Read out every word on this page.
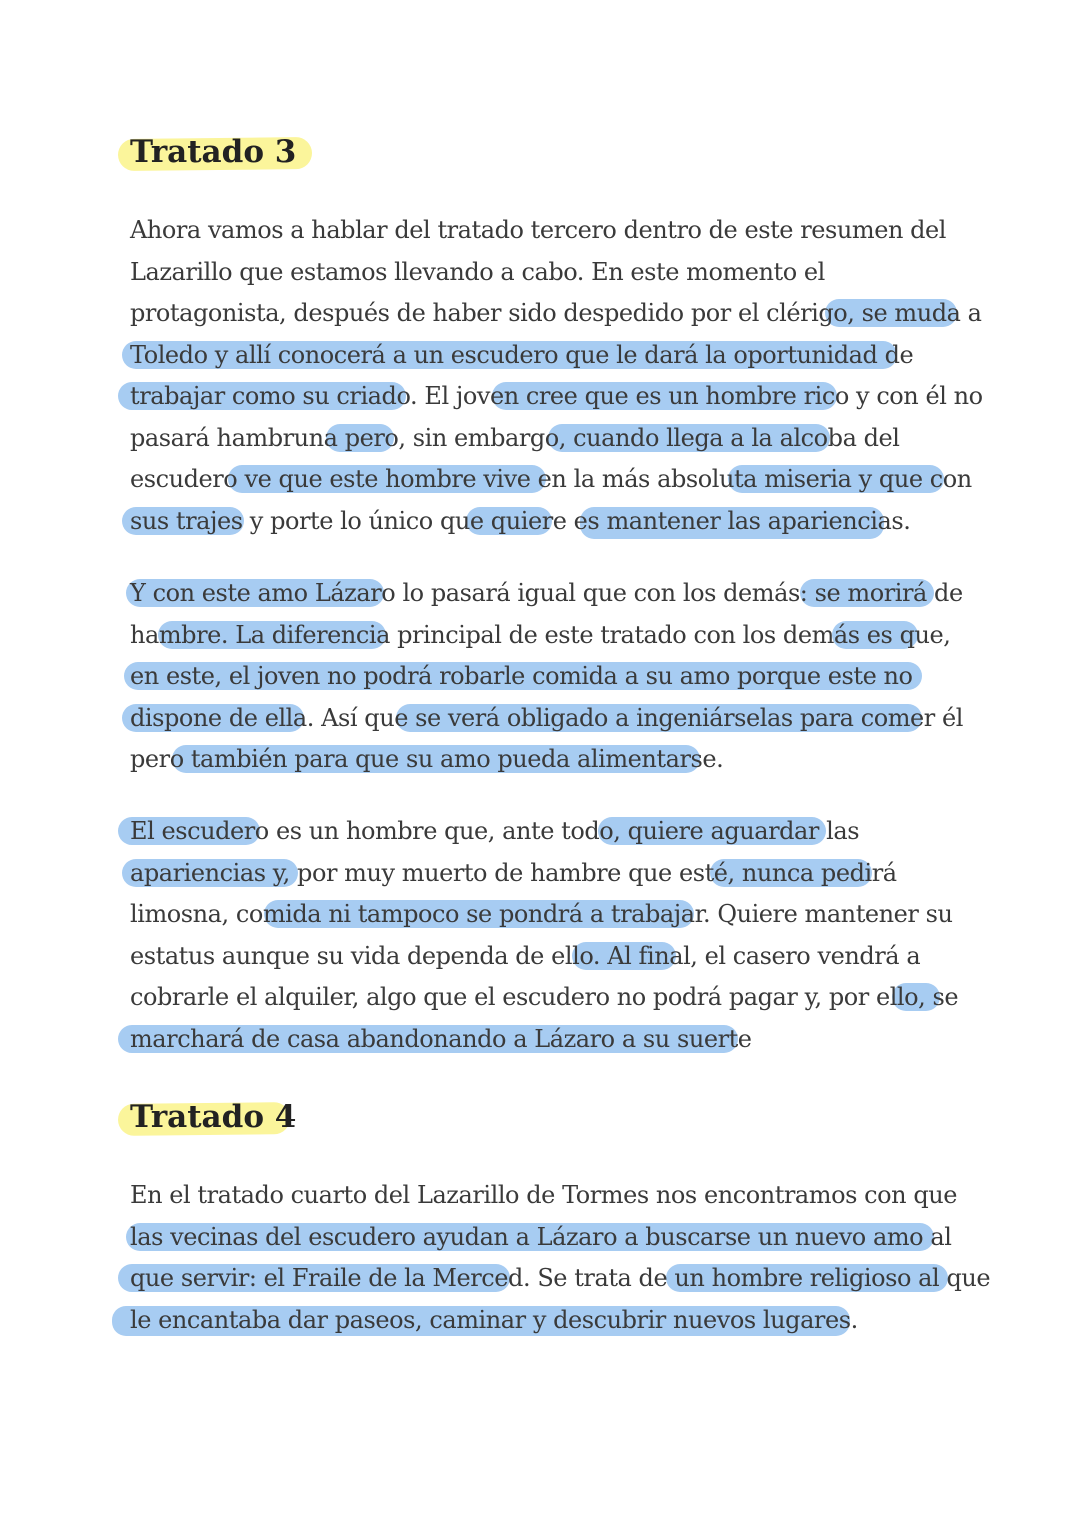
Tratado 3
Ahora vamos a hablar del tratado tercero dentro de este resumen del
Lazarillo que estamos llevando a cabo. En este momento el
protagonista, después de haber sido despedido por el clérigo, se muda a
Toledo y allí conocerá a un escudero que le dará la oportunidad de
trabajar como su criado. El joven cree que es un hombre rico y con él no
pasará hambruna pero, sin embargo, cuando llega a la alcoba del
escudero ve que este hombre vive en la más absoluta miseria y que con
sus trajes y porte lo único que quiere es mantener las apariencias.
Y con este amo Lázaro lo pasará igual que con los demás: se morirá de
hambre. La diferencia principal de este tratado con los demás es que,
en este, el joven no podrá robarle comida a su amo porque este no
dispone de ella. Así que se verá obligado a ingeniárselas para comer él
pero también para que su amo pueda alimentarse.
El escudero es un hombre que, ante todo, quiere aguardar las
apariencias y, por muy muerto de hambre que esté, nunca pedirá
limosna, comida ni tampoco se pondrá a trabajar. Quiere mantener su
estatus aunque su vida dependa de ello. Al final, el casero vendrá a
cobrarle el alquiler, algo que el escudero no podrá pagar y, por ello, se
marchará de casa abandonando a Lázaro a su suerte
Tratado 4
En el tratado cuarto del Lazarillo de Tormes nos encontramos con que
las vecinas del escudero ayudan a Lázaro a buscarse un nuevo amo al
que servir: el Fraile de la Merced. Se trata de un hombre religioso al que
le encantaba dar paseos, caminar y descubrir nuevos lugares.
